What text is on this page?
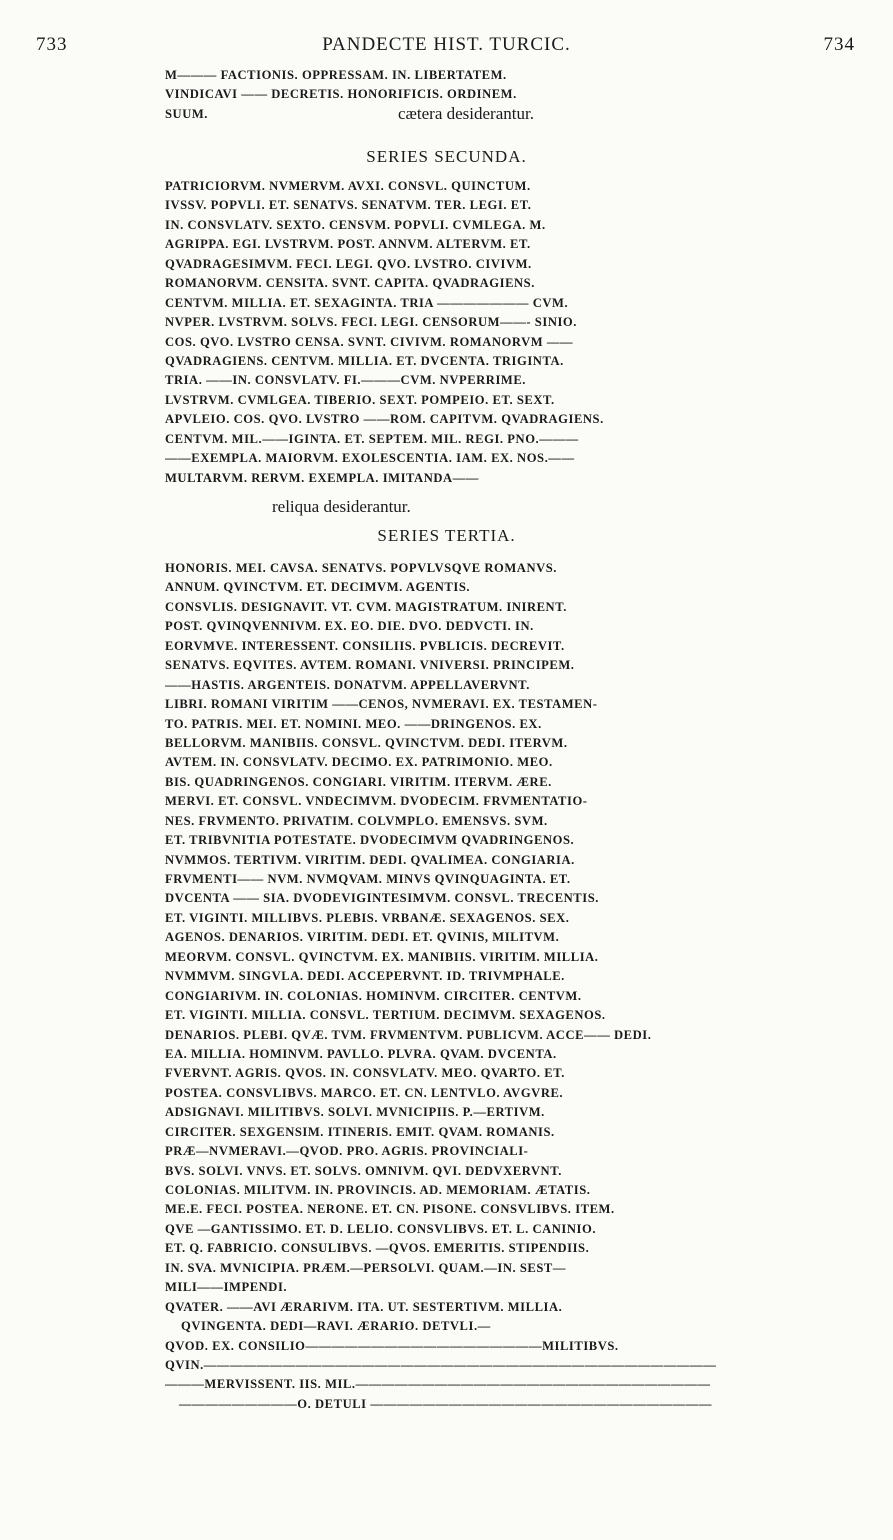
733	PANDECTE HIST. TURCIC.	734
M——— FACTIONIS. OPPRESSAM. IN. LIBERTATEM.
VINDICAVI —— DECRETIS. HONORIFICIS. ORDINEM.
SUUM.	cætera desiderantur.
SERIES SECUNDA.
PATRICIORVM. NVMERVM. AVXI. CONSVL. QUINCTUM.
IVSSV. POPVLI. ET. SENATVS. SENATVM. TER. LEGI. ET.
IN. CONSVLATV. SEXTO. CENSVM. POPVLI. CVMLEGA. M.
AGRIPPA. EGI. LVSTRVM. POST. ANNVM. ALTERVM. ET.
QVADRAGESIMVM. FECI. LEGI. QVO. LVSTRO. CIVIVM.
ROMANORVM. CENSITA. SVNT. CAPITA. QVADRAGIENS.
CENTVM. MILLIA. ET. SEXAGINTA. TRIA ——————— CVM.
NVPER. LVSTRVM. SOLVS. FECI. LEGI. CENSORUM——- SINIO.
COS. QVO. LVSTRO CENSA. SVNT. CIVIVM. ROMANORVM ——
QVADRAGIENS. CENTVM. MILLIA. ET. DVCENTA. TRIGINTA.
TRIA. ——IN. CONSVLATV. FI.———CVM. NVPERRIME.
LVSTRVM. CVMLGEA. TIBERIO. SEXT. POMPEIO. ET. SEXT.
APVLEIO. COS. QVO. LVSTRO ——ROM. CAPITVM. QVADRAGIENS.
CENTVM. MIL.——IGINTA. ET. SEPTEM. MIL. REGI. PNO.———
——EXEMPLA. MAIORVM. EXOLESCENTIA. IAM. EX. NOS.——
MULTARVM. RERVM. EXEMPLA. IMITANDA——
reliqua desiderantur.
SERIES TERTIA.
HONORIS. MEI. CAVSA. SENATVS. POPVLVSQVE ROMANVS.
ANNUM. QVINCTVM. ET. DECIMVM. AGENTIS.
CONSVLIS. DESIGNAVIT. VT. CVM. MAGISTRATUM. INIRENT.
POST. QVINQVENNIVM. EX. EO. DIE. DVO. DEDVCTI. IN.
EORVMVE. INTERESSENT. CONSILIIS. PVBLICIS. DECREVIT.
SENATVS. EQVITES. AVTEM. ROMANI. VNIVERSI. PRINCIPEM.
——HASTIS. ARGENTEIS. DONATVM. APPELLAVERVNT.
LIBRI. ROMANI VIRITIM ——CENOS, NVMERAVI. EX. TESTAMEN-
TO. PATRIS. MEI. ET. NOMINI. MEO. ——DRINGENOS. EX.
BELLORVM. MANIBIIS. CONSVL. QVINCTVM. DEDI. ITERVM.
AVTEM. IN. CONSVLATV. DECIMO. EX. PATRIMONIO. MEO.
BIS. QUADRINGENOS. CONGIARI. VIRITIM. ITERVM. ÆRE.
MERVI. ET. CONSVL. VNDECIMVM. DVODECIM. FRVMENTATIO-
NES. FRVMENTO. PRIVATIM. COLVMPLO. EMENSVS. SVM.
ET. TRIBVNITIA POTESTATE. DVODECIMVM QVADRINGENOS.
NVMMOS. TERTIVM. VIRITIM. DEDI. QVALIMEA. CONGIARIA.
FRVMENTI—— NVM. NVMQVAM. MINVS QVINQUAGINTA. ET.
DVCENTA —— SIA. DVODEVIGINTESIMVM. CONSVL. TRECENTIS.
ET. VIGINTI. MILLIBVS. PLEBIS. VRBANÆ. SEXAGENOS. SEX.
AGENOS. DENARIOS. VIRITIM. DEDI. ET. QVINIS, MILITVM.
MEORVM. CONSVL. QVINCTVM. EX. MANIBIIS. VIRITIM. MILLIA.
NVMMVM. SINGVLA. DEDI. ACCEPERVNT. ID. TRIVMPHALE.
CONGIARIVM. IN. COLONIAS. HOMINVM. CIRCITER. CENTVM.
ET. VIGINTI. MILLIA. CONSVL. TERTIUM. DECIMVM. SEXAGENOS.
DENARIOS. PLEBI. QVÆ. TVM. FRVMENTVM. PUBLICVM. ACCE—— DEDI.
EA. MILLIA. HOMINVM. PAVLLO. PLVRA. QVAM. DVCENTA.
FVERVNT. AGRIS. QVOS. IN. CONSVLATV. MEO. QVARTO. ET.
POSTEA. CONSVLIBVS. MARCO. ET. CN. LENTVLO. AVGVRE.
ADSIGNAVI. MILITIBVS. SOLVI. MVNICIPIIS. P.—ERTIVM.
CIRCITER. SEXGENSIM. ITINERIS. EMIT. QVAM. ROMANIS.
PRÆ—NVMERAVI.—QVOD. PRO. AGRIS. PROVINCIALI-
BVS. SOLVI. VNVS. ET. SOLVS. OMNIVM. QVI. DEDVXERVNT.
COLONIAS. MILITVM. IN. PROVINCIS. AD. MEMORIAM. ÆTATIS.
ME.E. FECI. POSTEA. NERONE. ET. CN. PISONE. CONSVLIBVS. ITEM.
QVE —GANTISSIMO. ET. D. LELIO. CONSVLIBVS. ET. L. CANINIO.
ET. Q. FABRICIO. CONSULIBVS. —QVOS. EMERITIS. STIPENDIIS.
IN. SVA. MVNICIPIA. PRÆM.—PERSOLVI. QUAM.—IN. SEST—
MILI——IMPENDI.
QVATER. ——AVI ÆRARIVM. ITA. UT. SESTERTIVM. MILLIA.
QVINGENTA. DEDI—RAVI. ÆRARIO. DETVLI.—
QVOD. EX. CONSILIO——————————————————MILITIBVS.
QVIN.———————————————————————————————————————
———MERVISSENT. IIS. MIL.———————————————————————————
—————————O. DETULI ——————————————————————————
